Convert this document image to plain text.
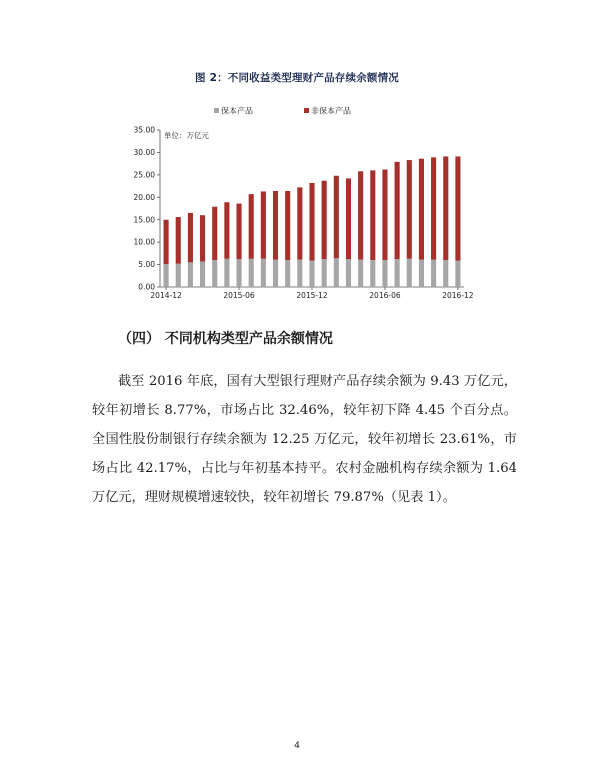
图 2：不同收益类型理财产品存续余额情况
保本产品	非保本产品
单位：万亿元
0.00
5.00
10.00
15.00
20.00
25.00
30.00
35.00
2014-12	2015-06	2015-12	2016-06	2016-12
（四） 不同机构类型产品余额情况

截至 2016 年底，国有大型银行理财产品存续余额为 9.43 万亿元，较年初增长 8.77%，市场占比 32.46%，较年初下降 4.45 个百分点。全国性股份制银行存续余额为 12.25 万亿元，较年初增长 23.61%，市场占比 42.17%，占比与年初基本持平。农村金融机构存续余额为 1.64 万亿元，理财规模增速较快，较年初增长 79.87%（见表 1）。

4
